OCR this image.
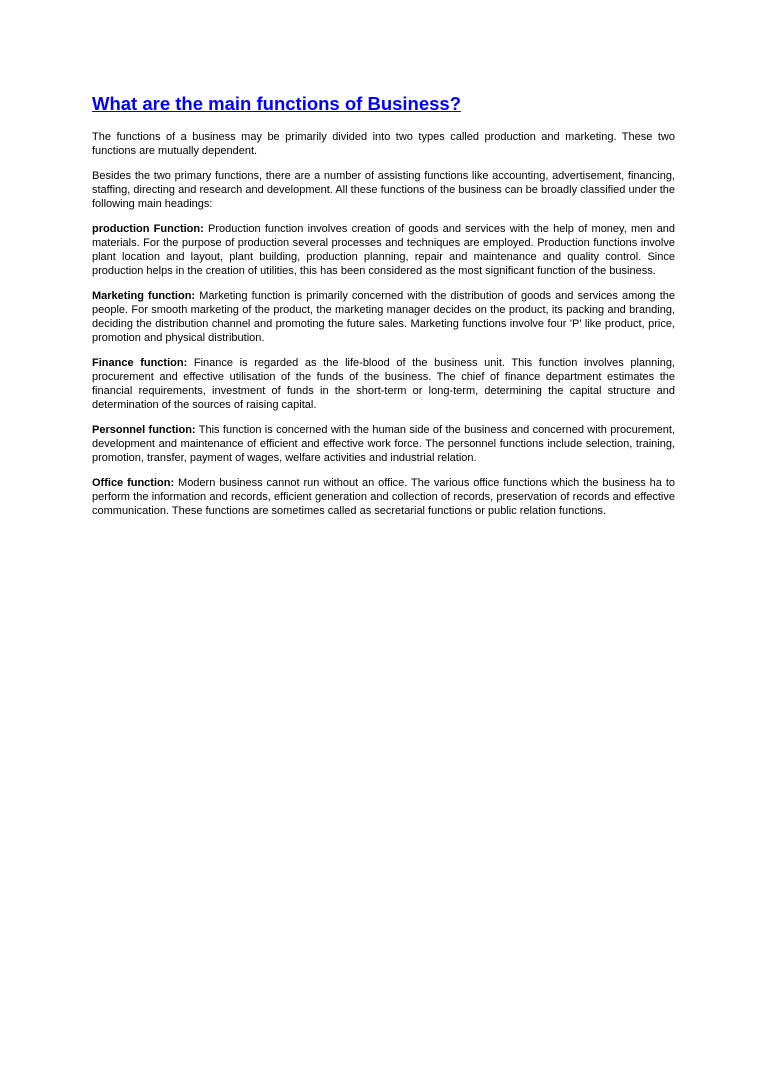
What are the main functions of Business?

The functions of a business may be primarily divided into two types called production and marketing. These two functions are mutually dependent.

Besides the two primary functions, there are a number of assisting functions like accounting, advertisement, financing, staffing, directing and research and development. All these functions of the business can be broadly classified under the following main headings:

production Function: Production function involves creation of goods and services with the help of money, men and materials. For the purpose of production several processes and techniques are employed. Production functions involve plant location and layout, plant building, production planning, repair and maintenance and quality control. Since production helps in the creation of utilities, this has been considered as the most significant function of the business.

Marketing function: Marketing function is primarily concerned with the distribution of goods and services among the people. For smooth marketing of the product, the marketing manager decides on the product, its packing and branding, deciding the distribution channel and promoting the future sales. Marketing functions involve four 'P' like product, price, promotion and physical distribution.

Finance function: Finance is regarded as the life-blood of the business unit. This function involves planning, procurement and effective utilisation of the funds of the business. The chief of finance department estimates the financial requirements, investment of funds in the short-term or long-term, determining the capital structure and determination of the sources of raising capital.

Personnel function: This function is concerned with the human side of the business and concerned with procurement, development and maintenance of efficient and effective work force. The personnel functions include selection, training, promotion, transfer, payment of wages, welfare activities and industrial relation.

Office function: Modern business cannot run without an office. The various office functions which the business ha to perform the information and records, efficient generation and collection of records, preservation of records and effective communication. These functions are sometimes called as secretarial functions or public relation functions.
